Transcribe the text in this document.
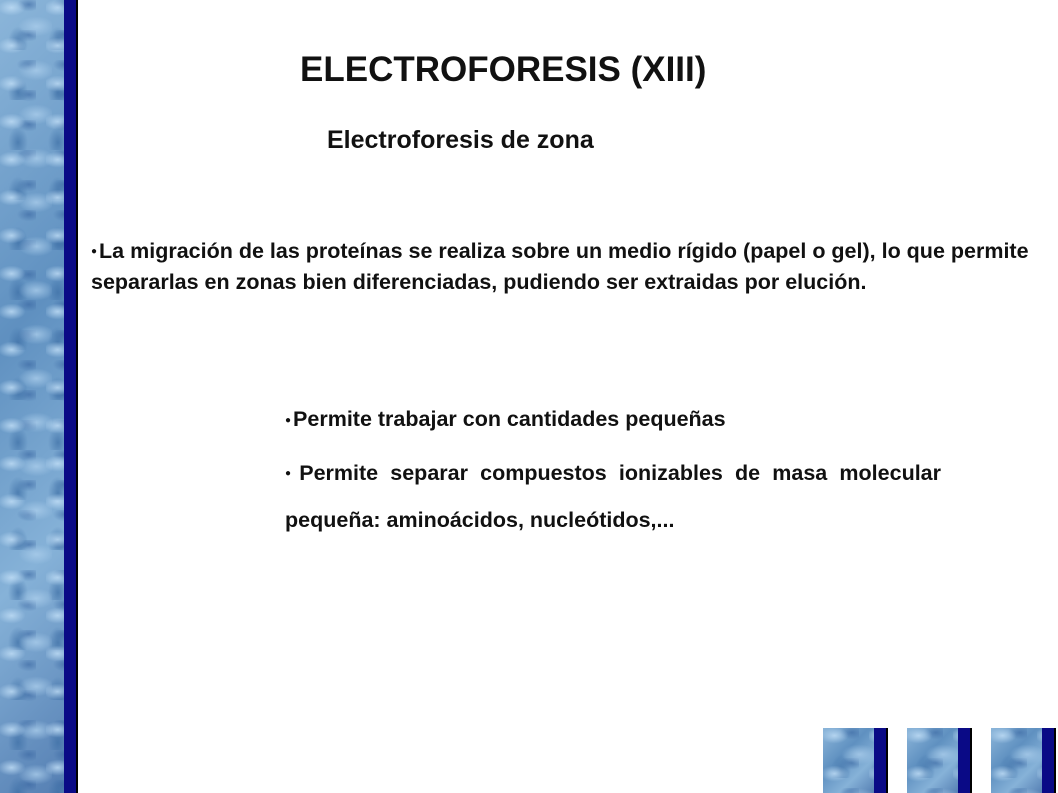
ELECTROFORESIS (XIII)
Electroforesis de zona
●La migración de las proteínas se realiza sobre un medio rígido (papel o gel), lo que permite separarlas en zonas bien diferenciadas, pudiendo ser extraidas por elución.
●Permite trabajar con cantidades pequeñas
●Permite separar compuestos ionizables de masa molecular pequeña: aminoácidos, nucleótidos,...
